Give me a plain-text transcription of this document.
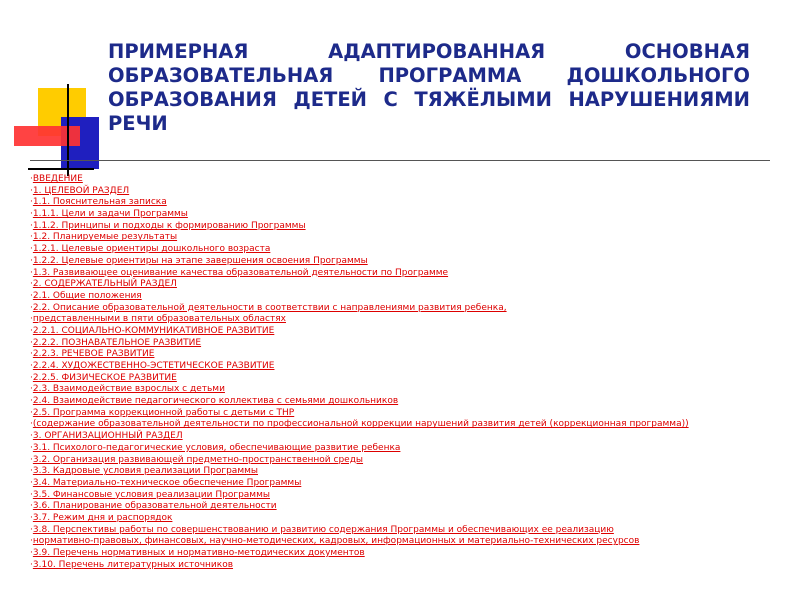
ПРИМЕРНАЯ АДАПТИРОВАННАЯ ОСНОВНАЯ ОБРАЗОВАТЕЛЬНАЯ ПРОГРАММА ДОШКОЛЬНОГО ОБРАЗОВАНИЯ ДЕТЕЙ С ТЯЖЁЛЫМИ НАРУШЕНИЯМИ РЕЧИ
·ВВЕДЕНИЕ
·1. ЦЕЛЕВОЙ РАЗДЕЛ
·1.1. Пояснительная записка
·1.1.1. Цели и задачи Программы
·1.1.2. Принципы и подходы к формированию Программы
·1.2. Планируемые результаты
·1.2.1. Целевые ориентиры дошкольного возраста
·1.2.2. Целевые ориентиры на этапе завершения освоения Программы
·1.3. Развивающее оценивание качества образовательной деятельности по Программе
·2. СОДЕРЖАТЕЛЬНЫЙ РАЗДЕЛ
·2.1. Общие положения
·2.2. Описание образовательной деятельности в соответствии с направлениями развития ребенка,
·представленными в пяти образовательных областях
·2.2.1. СОЦИАЛЬНО-КОММУНИКАТИВНОЕ РАЗВИТИЕ
·2.2.2. ПОЗНАВАТЕЛЬНОЕ РАЗВИТИЕ
·2.2.3. РЕЧЕВОЕ РАЗВИТИЕ
·2.2.4. ХУДОЖЕСТВЕННО-ЭСТЕТИЧЕСКОЕ РАЗВИТИЕ
·2.2.5. ФИЗИЧЕСКОЕ РАЗВИТИЕ
·2.3. Взаимодействие взрослых с детьми
·2.4. Взаимодействие педагогического коллектива с семьями дошкольников
·2.5. Программа коррекционной работы с детьми с ТНР
·(содержание образовательной деятельности по профессиональной коррекции нарушений развития детей (коррекционная программа))
·3. ОРГАНИЗАЦИОННЫЙ РАЗДЕЛ
·3.1. Психолого-педагогические условия, обеспечивающие развитие ребенка
·3.2. Организация развивающей предметно-пространственной среды
·3.3. Кадровые условия реализации Программы
·3.4. Материально-техническое обеспечение Программы
·3.5. Финансовые условия реализации Программы
·3.6. Планирование образовательной деятельности
·3.7. Режим дня и распорядок
·3.8. Перспективы работы по совершенствованию и развитию содержания Программы и обеспечивающих ее реализацию
·нормативно-правовых, финансовых, научно-методических, кадровых, информационных и материально-технических ресурсов
·3.9. Перечень нормативных и нормативно-методических документов
·3.10. Перечень литературных источников
